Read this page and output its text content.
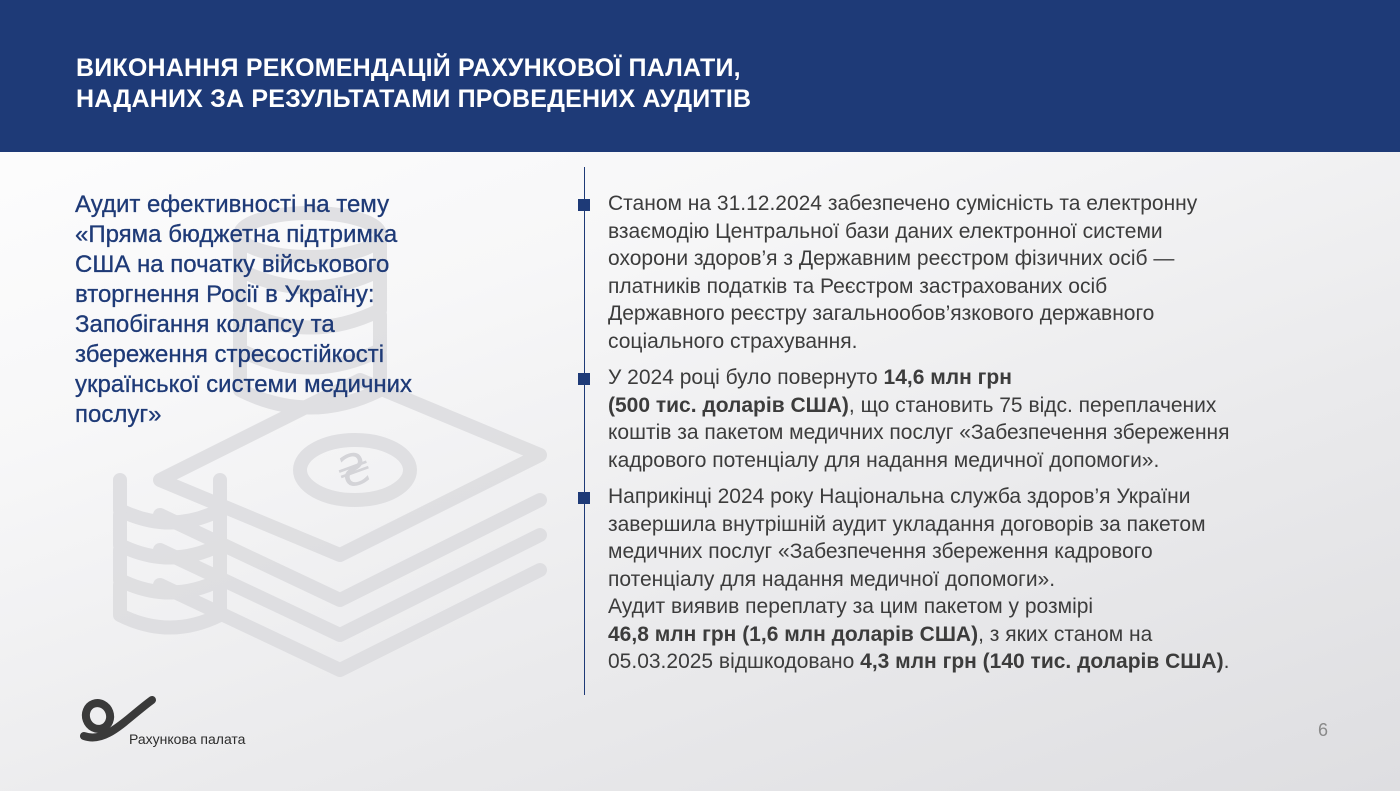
ВИКОНАННЯ РЕКОМЕНДАЦІЙ РАХУНКОВОЇ ПАЛАТИ,
НАДАНИХ ЗА РЕЗУЛЬТАТАМИ ПРОВЕДЕНИХ АУДИТІВ
₴
Аудит ефективності на тему
«Пряма бюджетна підтримка
США на початку військового
вторгнення Росії в Україну:
Запобігання колапсу та
збереження стресостійкості
української системи медичних
послуг»
Станом на 31.12.2024 забезпечено сумісність та електронну
взаємодію Центральної бази даних електронної системи
охорони здоров’я з Державним реєстром фізичних осіб —
платників податків та Реєстром застрахованих осіб
Державного реєстру загальнообов’язкового державного
соціального страхування.
У 2024 році було повернуто 14,6 млн грн
(500 тис. доларів США), що становить 75 відс. переплачених
коштів за пакетом медичних послуг «Забезпечення збереження
кадрового потенціалу для надання медичної допомоги».
Наприкінці 2024 року Національна служба здоров’я України
завершила внутрішній аудит укладання договорів за пакетом
медичних послуг «Забезпечення збереження кадрового
потенціалу для надання медичної допомоги».
Аудит виявив переплату за цим пакетом у розмірі
46,8 млн грн (1,6 млн доларів США), з яких станом на
05.03.2025 відшкодовано 4,3 млн грн (140 тис. доларів США).
Рахункова палата	6
